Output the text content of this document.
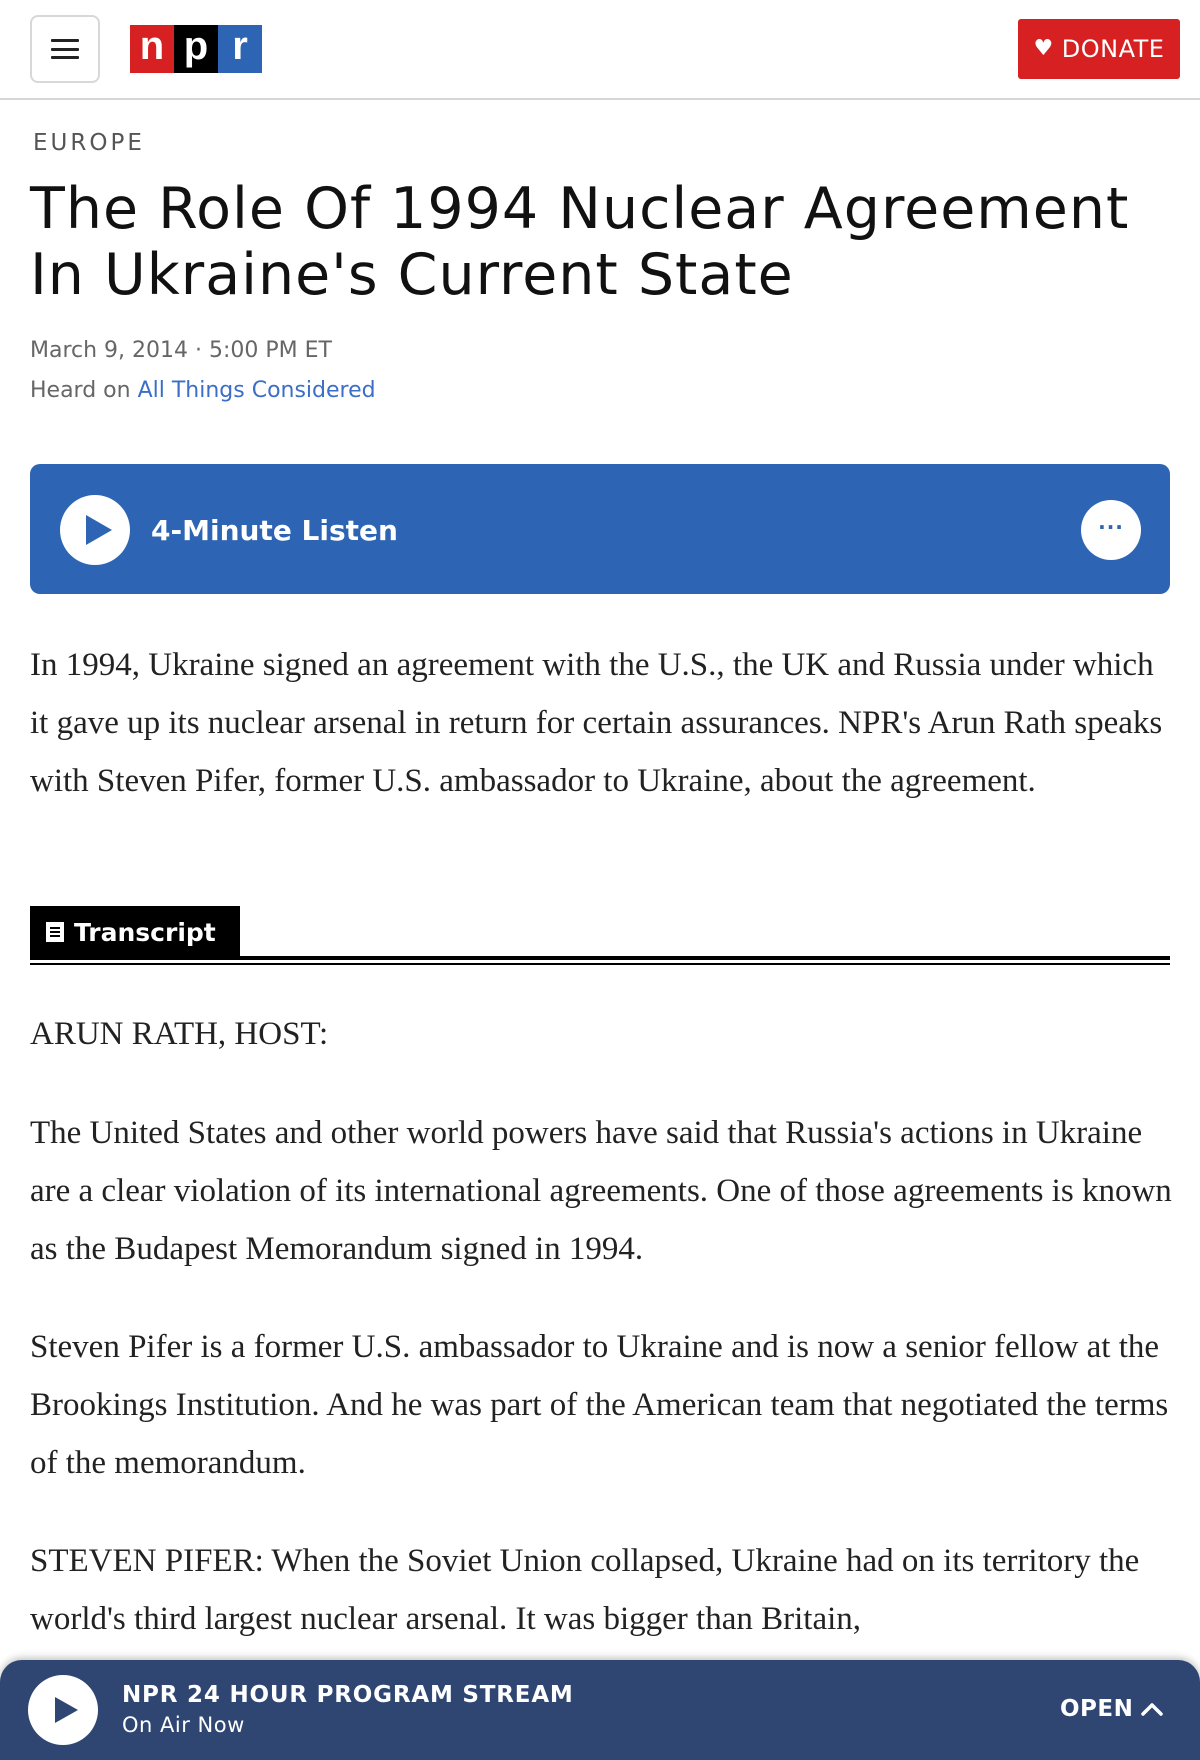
n p r	♥ DONATE
EUROPE
The Role Of 1994 Nuclear Agreement In Ukraine's Current State
March 9, 2014 · 5:00 PM ET
Heard on All Things Considered
4-Minute Listen	···

In 1994, Ukraine signed an agreement with the U.S., the UK and Russia under which it gave up its nuclear arsenal in return for certain assurances. NPR's Arun Rath speaks with Steven Pifer, former U.S. ambassador to Ukraine, about the agreement.

Transcript

ARUN RATH, HOST:

The United States and other world powers have said that Russia's actions in Ukraine are a clear violation of its international agreements. One of those agreements is known as the Budapest Memorandum signed in 1994.

Steven Pifer is a former U.S. ambassador to Ukraine and is now a senior fellow at the Brookings Institution. And he was part of the American team that negotiated the terms of the memorandum.

STEVEN PIFER: When the Soviet Union collapsed, Ukraine had on its territory the world's third largest nuclear arsenal. It was bigger than Britain,

NPR 24 HOUR PROGRAM STREAM
On Air Now
OPEN
